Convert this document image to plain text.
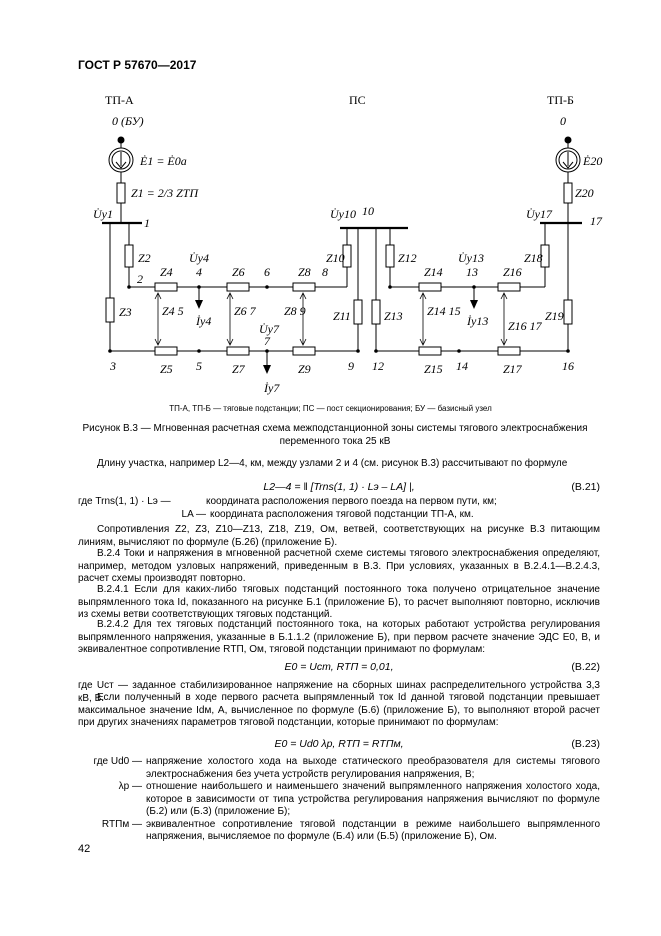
ГОСТ Р 57670—2017
ТП-А	ПС	ТП-Б
0 (БУ)	0
Ė1 = Ė0а	Ė20
Z1 = 2/3 ZТП	Z20
U̇у1
U̇у4
U̇у7
U̇у10
U̇у13
U̇у17
İу4
İу7
İу13
1
2
3
4
5
6
7
8
9
10
12
13
14	16
17
Z2
Z3
Z4
Z4 5
Z5
Z6
Z6 7
Z7
Z8
Z8 9
Z9
Z10
Z11
Z12
Z13
Z14
Z14 15
Z15
Z16
Z16 17
Z17
Z18
Z19
ТП-А, ТП-Б — тяговые подстанции; ПС — пост секционирования; БУ — базисный узел
Рисунок В.3 — Мгновенная расчетная схема межподстанционной зоны системы тягового электроснабжения переменного тока 25 кВ
Длину участка, например L2—4, км, между узлами 2 и 4 (см. рисунок В.3) рассчитывают по формуле
L2—4 = ‖ [Trns(1, 1) · Lэ – LA] |,	(В.21)
где Trns(1, 1) · Lэ —	координата расположения первого поезда на первом пути, км;
LA — координата расположения тяговой подстанции ТП-А, км.
Сопротивления Z2, Z3, Z10—Z13, Z18, Z19, Ом, ветвей, соответствующих на рисунке В.3 питающим линиям, вычисляют по формуле (Б.26) (приложение Б).
В.2.4 Токи и напряжения в мгновенной расчетной схеме системы тягового электроснабжения определяют, например, методом узловых напряжений, приведенным в В.3. При условиях, указанных в В.2.4.1—В.2.4.3, расчет схемы производят повторно.
В.2.4.1 Если для каких-либо тяговых подстанций постоянного тока получено отрицательное значение выпрямленного тока Id, показанного на рисунке Б.1 (приложение Б), то расчет выполняют повторно, исключив из схемы ветви соответствующих тяговых подстанций.
В.2.4.2 Для тех тяговых подстанций постоянного тока, на которых работают устройства регулирования выпрямленного напряжения, указанные в Б.1.1.2 (приложение Б), при первом расчете значение ЭДС E0, В, и эквивалентное сопротивление RТП, Ом, тяговой подстанции принимают по формулам:
E0 = Uст, RТП = 0,01,	(В.22)
где Uст — заданное стабилизированное напряжение на сборных шинах распределительного устройства 3,3 кВ, В.
Если полученный в ходе первого расчета выпрямленный ток Id данной тяговой подстанции превышает максимальное значение Idм, А, вычисленное по формуле (Б.6) (приложение Б), то выполняют второй расчет при других значениях параметров тяговой подстанции, которые принимают по формулам:
E0 = Ud0 λp, RТП = RТПм,	(В.23)
где Ud0 — напряжение холостого хода на выходе статического преобразователя для системы тягового электроснабжения без учета устройств регулирования напряжения, В;
λp — отношение наибольшего и наименьшего значений выпрямленного напряжения холостого хода, которое в зависимости от типа устройства регулирования напряжения вычисляют по формуле (Б.2) или (Б.3) (приложение Б);
RТПм — эквивалентное сопротивление тяговой подстанции в режиме наибольшего выпрямленного напряжения, вычисляемое по формуле (Б.4) или (Б.5) (приложение Б), Ом.
42
